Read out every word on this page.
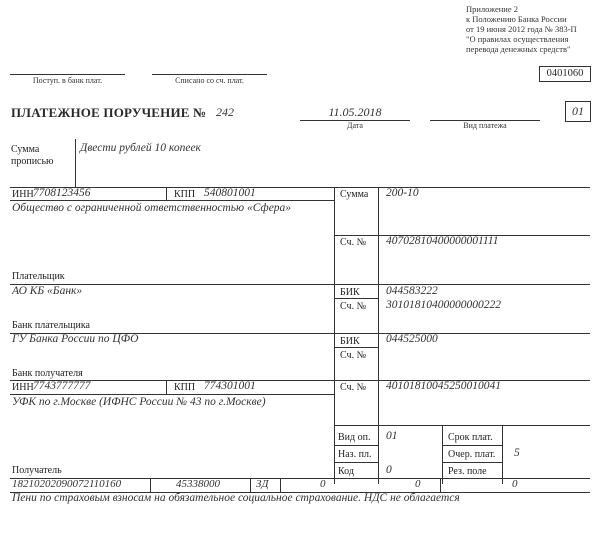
Приложение 2
к Положению Банка России
от 19 июня 2012 года № 383-П
"О правилах осуществления
перевода денежных средств"
0401060
Поступ. в банк плат.	Списано со сч. плат.
ПЛАТЕЖНОЕ ПОРУЧЕНИЕ № 242	11.05.2018
Дата	Вид платежа
01
Сумма
прописью
Двести рублей 10 копеек
ИНН 7708123456	КПП 540801001
Общество с ограниченной ответственностью «Сфера»
Сумма 200-10
Сч. № 40702810400000001111
Плательщик
АО КБ «Банк»	БИК 044583222
Сч. № 30101810400000000222
Банк плательщика
ГУ Банка России по ЦФО	БИК 044525000
Сч. №
Банк получателя
ИНН 7743777777	КПП 774301001
УФК по г.Москве (ИФНС России № 43 по г.Москве)
Сч. № 40101810045250010041
Вид оп. 01
Наз. пл.
Код	0
Срок плат.
Очер. плат. 5
Рез. поле
Получатель
18210202090072110160	45338000	ЗД	0	0	0
Пени по страховым взносам на обязательное социальное страхование. НДС не облагается
